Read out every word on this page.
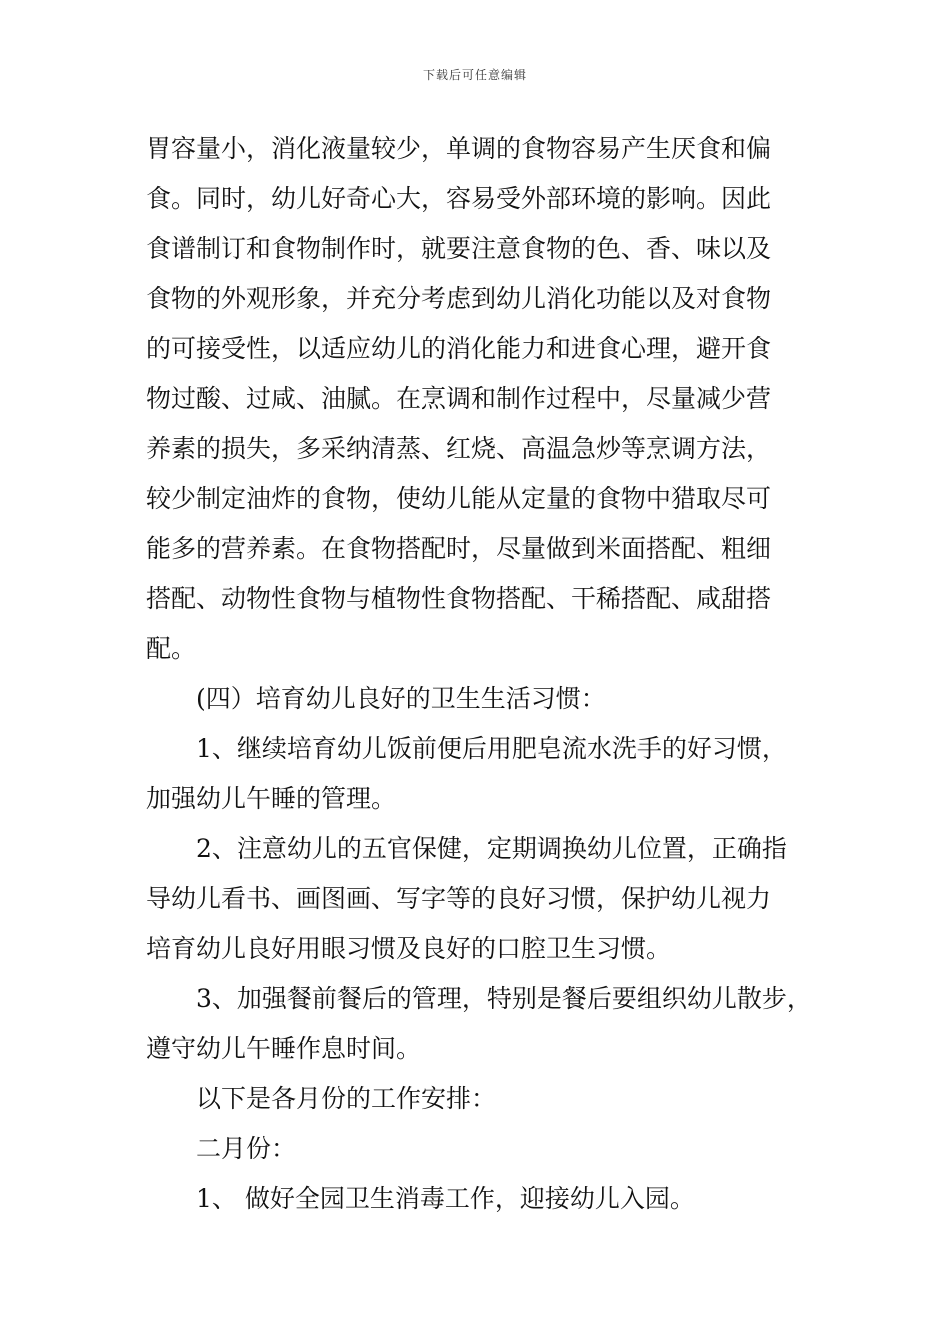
下载后可任意编辑
胃容量小，消化液量较少，单调的食物容易产生厌食和偏
食。同时，幼儿好奇心大，容易受外部环境的影响。因此
食谱制订和食物制作时，就要注意食物的色、香、味以及
食物的外观形象，并充分考虑到幼儿消化功能以及对食物
的可接受性，以适应幼儿的消化能力和进食心理，避开食
物过酸、过咸、油腻。在烹调和制作过程中，尽量减少营
养素的损失，多采纳清蒸、红烧、高温急炒等烹调方法，
较少制定油炸的食物，使幼儿能从定量的食物中猎取尽可
能多的营养素。在食物搭配时，尽量做到米面搭配、粗细
搭配、动物性食物与植物性食物搭配、干稀搭配、咸甜搭
配。
(四）培育幼儿良好的卫生生活习惯：
1、继续培育幼儿饭前便后用肥皂流水洗手的好习惯，
加强幼儿午睡的管理。
2、注意幼儿的五官保健，定期调换幼儿位置，正确指
导幼儿看书、画图画、写字等的良好习惯，保护幼儿视力
培育幼儿良好用眼习惯及良好的口腔卫生习惯。
3、加强餐前餐后的管理，特别是餐后要组织幼儿散步，
遵守幼儿午睡作息时间。
以下是各月份的工作安排：
二月份：
1、 做好全园卫生消毒工作，迎接幼儿入园。
